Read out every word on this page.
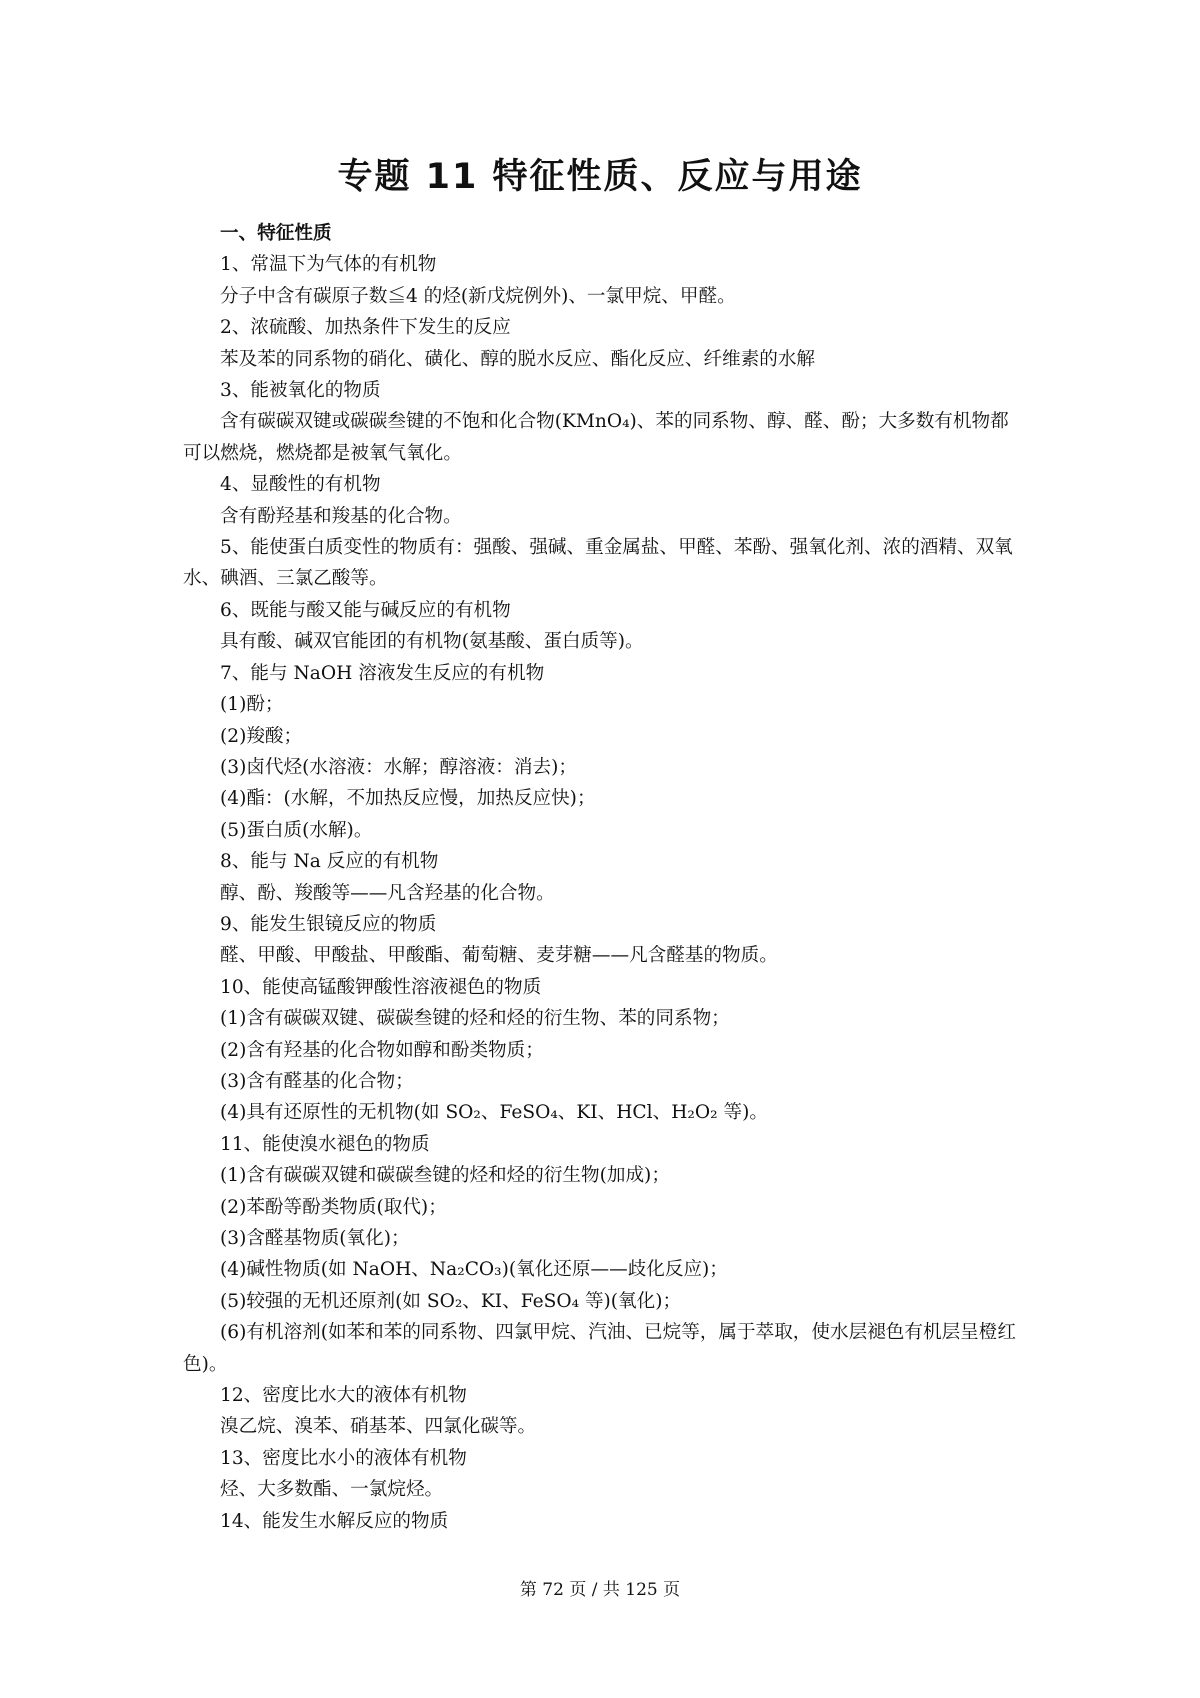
专题 11 特征性质、反应与用途

一、特征性质

1、常温下为气体的有机物

分子中含有碳原子数≦4 的烃(新戊烷例外)、一氯甲烷、甲醛。

2、浓硫酸、加热条件下发生的反应

苯及苯的同系物的硝化、磺化、醇的脱水反应、酯化反应、纤维素的水解

3、能被氧化的物质

含有碳碳双键或碳碳叁键的不饱和化合物(KMnO₄)、苯的同系物、醇、醛、酚；大多数有机物都可以燃烧，燃烧都是被氧气氧化。

4、显酸性的有机物

含有酚羟基和羧基的化合物。

5、能使蛋白质变性的物质有：强酸、强碱、重金属盐、甲醛、苯酚、强氧化剂、浓的酒精、双氧水、碘酒、三氯乙酸等。

6、既能与酸又能与碱反应的有机物

具有酸、碱双官能团的有机物(氨基酸、蛋白质等)。

7、能与 NaOH 溶液发生反应的有机物

(1)酚；

(2)羧酸；

(3)卤代烃(水溶液：水解；醇溶液：消去)；

(4)酯：(水解，不加热反应慢，加热反应快)；

(5)蛋白质(水解)。

8、能与 Na 反应的有机物

醇、酚、羧酸等——凡含羟基的化合物。

9、能发生银镜反应的物质

醛、甲酸、甲酸盐、甲酸酯、葡萄糖、麦芽糖——凡含醛基的物质。

10、能使高锰酸钾酸性溶液褪色的物质

(1)含有碳碳双键、碳碳叁键的烃和烃的衍生物、苯的同系物；

(2)含有羟基的化合物如醇和酚类物质；

(3)含有醛基的化合物；

(4)具有还原性的无机物(如 SO₂、FeSO₄、KI、HCl、H₂O₂ 等)。

11、能使溴水褪色的物质

(1)含有碳碳双键和碳碳叁键的烃和烃的衍生物(加成)；

(2)苯酚等酚类物质(取代)；

(3)含醛基物质(氧化)；

(4)碱性物质(如 NaOH、Na₂CO₃)(氧化还原——歧化反应)；

(5)较强的无机还原剂(如 SO₂、KI、FeSO₄ 等)(氧化)；

(6)有机溶剂(如苯和苯的同系物、四氯甲烷、汽油、已烷等，属于萃取，使水层褪色有机层呈橙红色)。

12、密度比水大的液体有机物

溴乙烷、溴苯、硝基苯、四氯化碳等。

13、密度比水小的液体有机物

烃、大多数酯、一氯烷烃。

14、能发生水解反应的物质

第 72 页 / 共 125 页
